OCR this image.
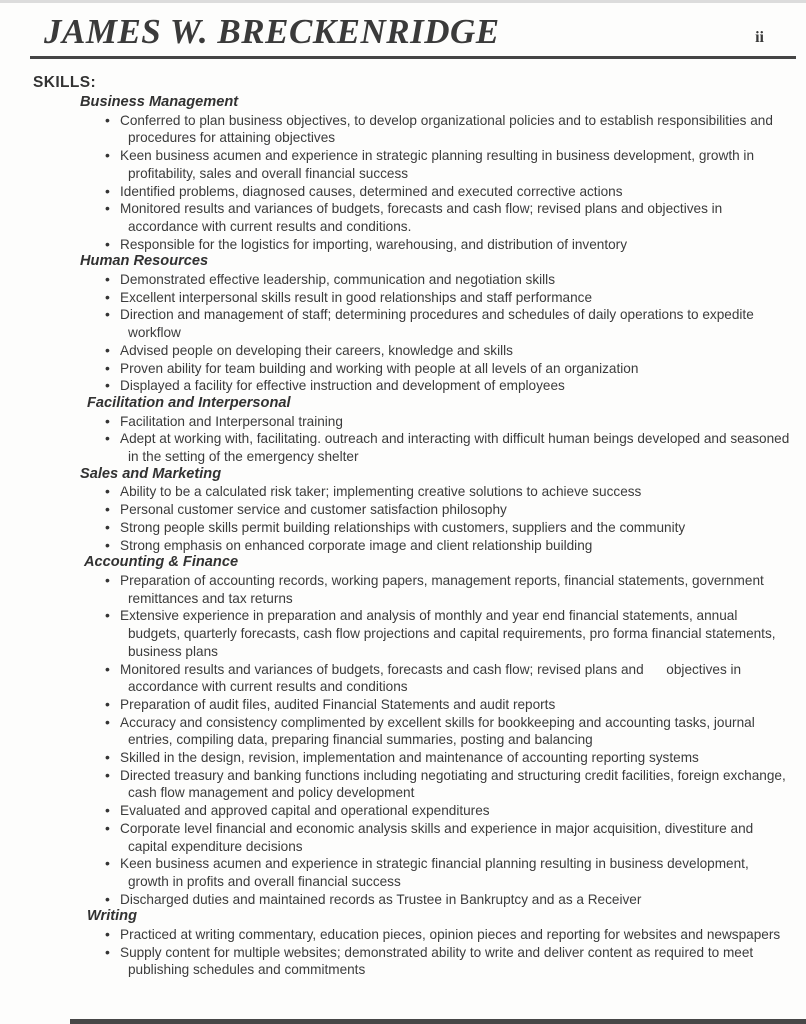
JAMES W. BRECKENRIDGE	ii
SKILLS:
Business Management
• Conferred to plan business objectives, to develop organizational policies and to establish responsibilities and procedures for attaining objectives
• Keen business acumen and experience in strategic planning resulting in business development, growth in profitability, sales and overall financial success
• Identified problems, diagnosed causes, determined and executed corrective actions
• Monitored results and variances of budgets, forecasts and cash flow; revised plans and objectives in accordance with current results and conditions.
• Responsible for the logistics for importing, warehousing, and distribution of inventory
Human Resources
• Demonstrated effective leadership, communication and negotiation skills
• Excellent interpersonal skills result in good relationships and staff performance
• Direction and management of staff; determining procedures and schedules of daily operations to expedite workflow
• Advised people on developing their careers, knowledge and skills
• Proven ability for team building and working with people at all levels of an organization
• Displayed a facility for effective instruction and development of employees
Facilitation and Interpersonal
• Facilitation and Interpersonal training
• Adept at working with, facilitating. outreach and interacting with difficult human beings developed and seasoned in the setting of the emergency shelter
Sales and Marketing
• Ability to be a calculated risk taker; implementing creative solutions to achieve success
• Personal customer service and customer satisfaction philosophy
• Strong people skills permit building relationships with customers, suppliers and the community
• Strong emphasis on enhanced corporate image and client relationship building
Accounting & Finance
• Preparation of accounting records, working papers, management reports, financial statements, government remittances and tax returns
• Extensive experience in preparation and analysis of monthly and year end financial statements, annual budgets, quarterly forecasts, cash flow projections and capital requirements, pro forma financial statements, business plans
• Monitored results and variances of budgets, forecasts and cash flow; revised plans and      objectives in accordance with current results and conditions
• Preparation of audit files, audited Financial Statements and audit reports
• Accuracy and consistency complimented by excellent skills for bookkeeping and accounting tasks, journal entries, compiling data, preparing financial summaries, posting and balancing
• Skilled in the design, revision, implementation and maintenance of accounting reporting systems
• Directed treasury and banking functions including negotiating and structuring credit facilities, foreign exchange, cash flow management and policy development
• Evaluated and approved capital and operational expenditures
• Corporate level financial and economic analysis skills and experience in major acquisition, divestiture and capital expenditure decisions
• Keen business acumen and experience in strategic financial planning resulting in business development, growth in profits and overall financial success
• Discharged duties and maintained records as Trustee in Bankruptcy and as a Receiver
Writing
• Practiced at writing commentary, education pieces, opinion pieces and reporting for websites and newspapers
• Supply content for multiple websites; demonstrated ability to write and deliver content as required to meet publishing schedules and commitments
